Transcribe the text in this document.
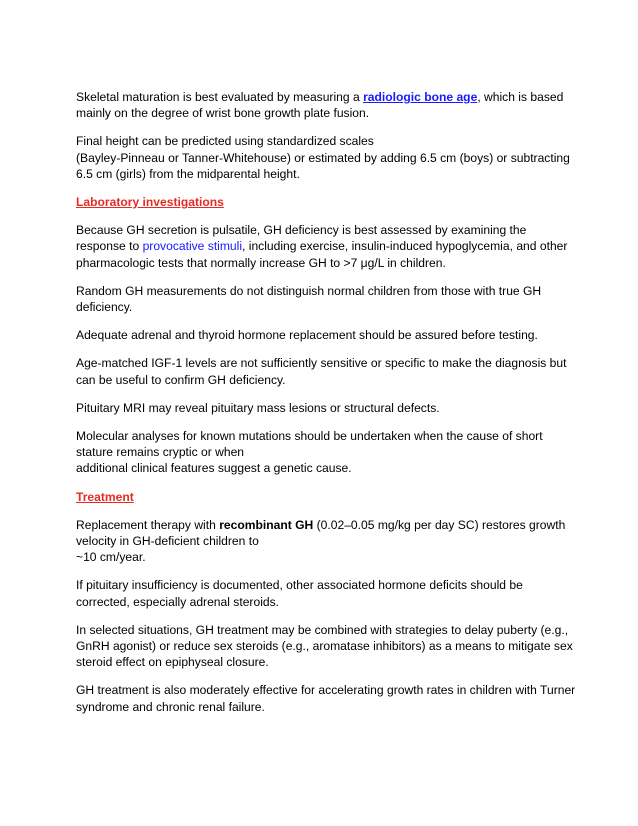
Skeletal maturation is best evaluated by measuring a radiologic bone age, which is based mainly on the degree of wrist bone growth plate fusion.

Final height can be predicted using standardized scales
(Bayley-Pinneau or Tanner-Whitehouse) or estimated by adding 6.5 cm (boys) or subtracting 6.5 cm (girls) from the midparental height.

Laboratory investigations

Because GH secretion is pulsatile, GH deficiency is best assessed by examining the response to provocative stimuli, including exercise, insulin-induced hypoglycemia, and other pharmacologic tests that normally increase GH to >7 μg/L in children.

Random GH measurements do not distinguish normal children from those with true GH deficiency.

Adequate adrenal and thyroid hormone replacement should be assured before testing.

Age-matched IGF-1 levels are not sufficiently sensitive or specific to make the diagnosis but can be useful to confirm GH deficiency.

Pituitary MRI may reveal pituitary mass lesions or structural defects.

Molecular analyses for known mutations should be undertaken when the cause of short stature remains cryptic or when
additional clinical features suggest a genetic cause.

Treatment

Replacement therapy with recombinant GH (0.02–0.05 mg/kg per day SC) restores growth velocity in GH-deficient children to
~10 cm/year.

If pituitary insufficiency is documented, other associated hormone deficits should be corrected, especially adrenal steroids.

In selected situations, GH treatment may be combined with strategies to delay puberty (e.g., GnRH agonist) or reduce sex steroids (e.g., aromatase inhibitors) as a means to mitigate sex steroid effect on epiphyseal closure.

GH treatment is also moderately effective for accelerating growth rates in children with Turner syndrome and chronic renal failure.
